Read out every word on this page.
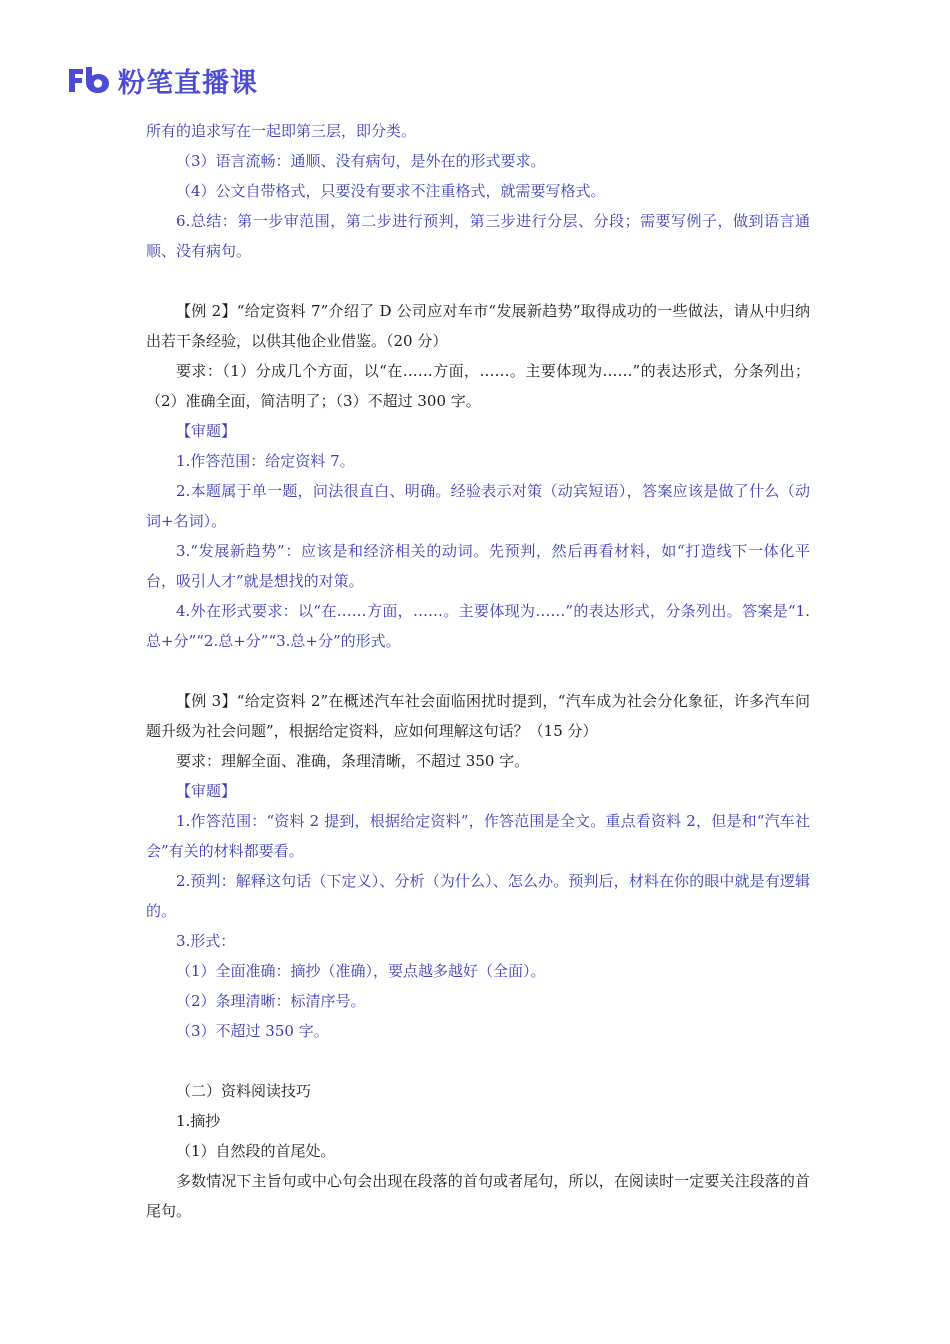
粉笔直播课

所有的追求写在一起即第三层，即分类。

（3）语言流畅：通顺、没有病句，是外在的形式要求。

（4）公文自带格式，只要没有要求不注重格式，就需要写格式。

6.总结：第一步审范围，第二步进行预判，第三步进行分层、分段；需要写例子，做到语言通顺、没有病句。

【例 2】“给定资料 7”介绍了 D 公司应对车市“发展新趋势”取得成功的一些做法，请从中归纳出若干条经验，以供其他企业借鉴。（20 分）

要求：（1）分成几个方面，以“在……方面，……。主要体现为……”的表达形式，分条列出；（2）准确全面，简洁明了；（3）不超过 300 字。

【审题】

1.作答范围：给定资料 7。

2.本题属于单一题，问法很直白、明确。经验表示对策（动宾短语），答案应该是做了什么（动词+名词）。

3.“发展新趋势”：应该是和经济相关的动词。先预判，然后再看材料，如“打造线下一体化平台，吸引人才”就是想找的对策。

4.外在形式要求：以“在……方面，……。主要体现为……”的表达形式，分条列出。答案是“1.总+分”“2.总+分”“3.总+分”的形式。

【例 3】“给定资料 2”在概述汽车社会面临困扰时提到，“汽车成为社会分化象征，许多汽车问题升级为社会问题”，根据给定资料，应如何理解这句话？（15 分）

要求：理解全面、准确，条理清晰，不超过 350 字。

【审题】

1.作答范围：“资料 2 提到，根据给定资料”，作答范围是全文。重点看资料 2，但是和“汽车社会”有关的材料都要看。

2.预判：解释这句话（下定义）、分析（为什么）、怎么办。预判后，材料在你的眼中就是有逻辑的。

3.形式：

（1）全面准确：摘抄（准确），要点越多越好（全面）。

（2）条理清晰：标清序号。

（3）不超过 350 字。

（二）资料阅读技巧

1.摘抄

（1）自然段的首尾处。

多数情况下主旨句或中心句会出现在段落的首句或者尾句，所以，在阅读时一定要关注段落的首尾句。
